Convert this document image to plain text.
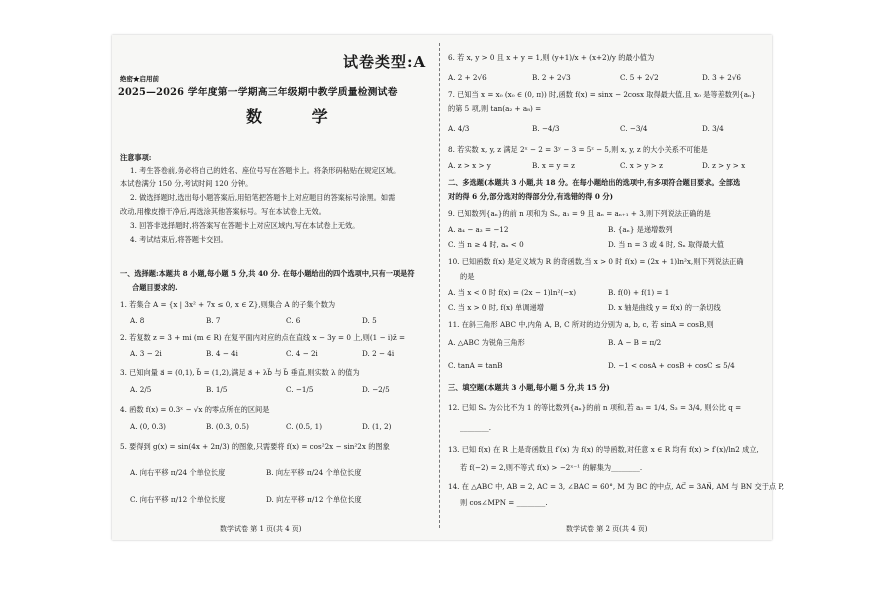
试卷类型:A
绝密★启用前
2025—2026 学年度第一学期高三年级期中教学质量检测试卷
数 学
注意事项:
1. 考生答卷前,务必将自己的姓名、座位号写在答题卡上。将条形码粘贴在规定区域。
本试卷满分 150 分,考试时间 120 分钟。
2. 做选择题时,选出每小题答案后,用铅笔把答题卡上对应题目的答案标号涂黑。如需
改动,用橡皮擦干净后,再选涂其他答案标号。写在本试卷上无效。
3. 回答非选择题时,将答案写在答题卡上对应区域内,写在本试卷上无效。
4. 考试结束后,将答题卡交回。
一、选择题:本题共 8 小题,每小题 5 分,共 40 分. 在每小题给出的四个选项中,只有一项是符
合题目要求的.
1. 若集合 A = {x | 3x² + 7x ≤ 0, x ∈ Z},则集合 A 的子集个数为
A. 8	B. 7	C. 6	D. 5
2. 若复数 z = 3 + mi (m ∈ R) 在复平面内对应的点在直线 x − 3y = 0 上,则(1 − i)z̄ =
A. 3 − 2i	B. 4 − 4i	C. 4 − 2i	D. 2 − 4i
3. 已知向量 a⃗ = (0,1), b⃗ = (1,2),满足 a⃗ + λb⃗ 与 b⃗ 垂直,则实数 λ 的值为
A. 2/5	B. 1/5	C. −1/5	D. −2/5
4. 函数 f(x) = 0.3ˣ − √x 的零点所在的区间是
A. (0, 0.3)	B. (0.3, 0.5)	C. (0.5, 1)	D. (1, 2)
5. 要得到 g(x) = sin(4x + 2π/3) 的图象,只需要将 f(x) = cos²2x − sin²2x 的图象
A. 向右平移 π/24 个单位长度	B. 向左平移 π/24 个单位长度
C. 向右平移 π/12 个单位长度	D. 向左平移 π/12 个单位长度
数学试卷 第 1 页(共 4 页)
6. 若 x, y > 0 且 x + y = 1,则 (y+1)/x + (x+2)/y 的最小值为
A. 2 + 2√6	B. 2 + 2√3	C. 5 + 2√2	D. 3 + 2√6
7. 已知当 x = x₀ (x₀ ∈ (0, π)) 时,函数 f(x) = sinx − 2cosx 取得最大值,且 x₀ 是等差数列{aₙ}
的第 5 项,则 tan(a₂ + a₈) =
A. 4/3	B. −4/3	C. −3/4	D. 3/4
8. 若实数 x, y, z 满足 2ˣ − 2 = 3ʸ − 3 = 5ᶻ − 5,则 x, y, z 的大小关系不可能是
A. z > x > y	B. x = y = z	C. x > y > z	D. z > y > x
二、多选题(本题共 3 小题,共 18 分。在每小题给出的选项中,有多项符合题目要求。全部选
对的得 6 分,部分选对的得部分分,有选错的得 0 分)
9. 已知数列{aₙ}的前 n 项和为 Sₙ, a₁ = 9 且 aₙ = aₙ₊₁ + 3,则下列说法正确的是
A. a₄ − a₃ = −12	B. {aₙ} 是递增数列
C. 当 n ≥ 4 时, aₙ < 0	D. 当 n = 3 或 4 时, Sₙ 取得最大值
10. 已知函数 f(x) 是定义域为 R 的奇函数,当 x > 0 时 f(x) = (2x + 1)ln²x,则下列说法正确
的是
A. 当 x < 0 时 f(x) = (2x − 1)ln²(−x)	B. f(0) + f(1) = 1
C. 当 x > 0 时, f(x) 单调递增	D. x 轴是曲线 y = f(x) 的一条切线
11. 在斜三角形 ABC 中,内角 A, B, C 所对的边分别为 a, b, c, 若 sinA = cosB,则
A. △ABC 为锐角三角形	B. A − B = π/2
C. tanA = tanB	D. −1 < cosA + cosB + cosC ≤ 5/4
三、填空题(本题共 3 小题,每小题 5 分,共 15 分)
12. 已知 Sₙ 为公比不为 1 的等比数列{aₙ}的前 n 项和,若 a₃ = 1/4, S₃ = 3/4, 则公比 q =
________.
13. 已知 f(x) 在 R 上是奇函数且 f′(x) 为 f(x) 的导函数,对任意 x ∈ R 均有 f(x) > f′(x)/ln2 成立,
若 f(−2) = 2,则不等式 f(x) > −2ˣ⁻¹ 的解集为________.
14. 在 △ABC 中, AB = 2, AC = 3, ∠BAC = 60°, M 为 BC 的中点, AC⃗ = 3AN⃗, AM 与 BN 交于点 P,
则 cos∠MPN = ________.
数学试卷 第 2 页(共 4 页)
